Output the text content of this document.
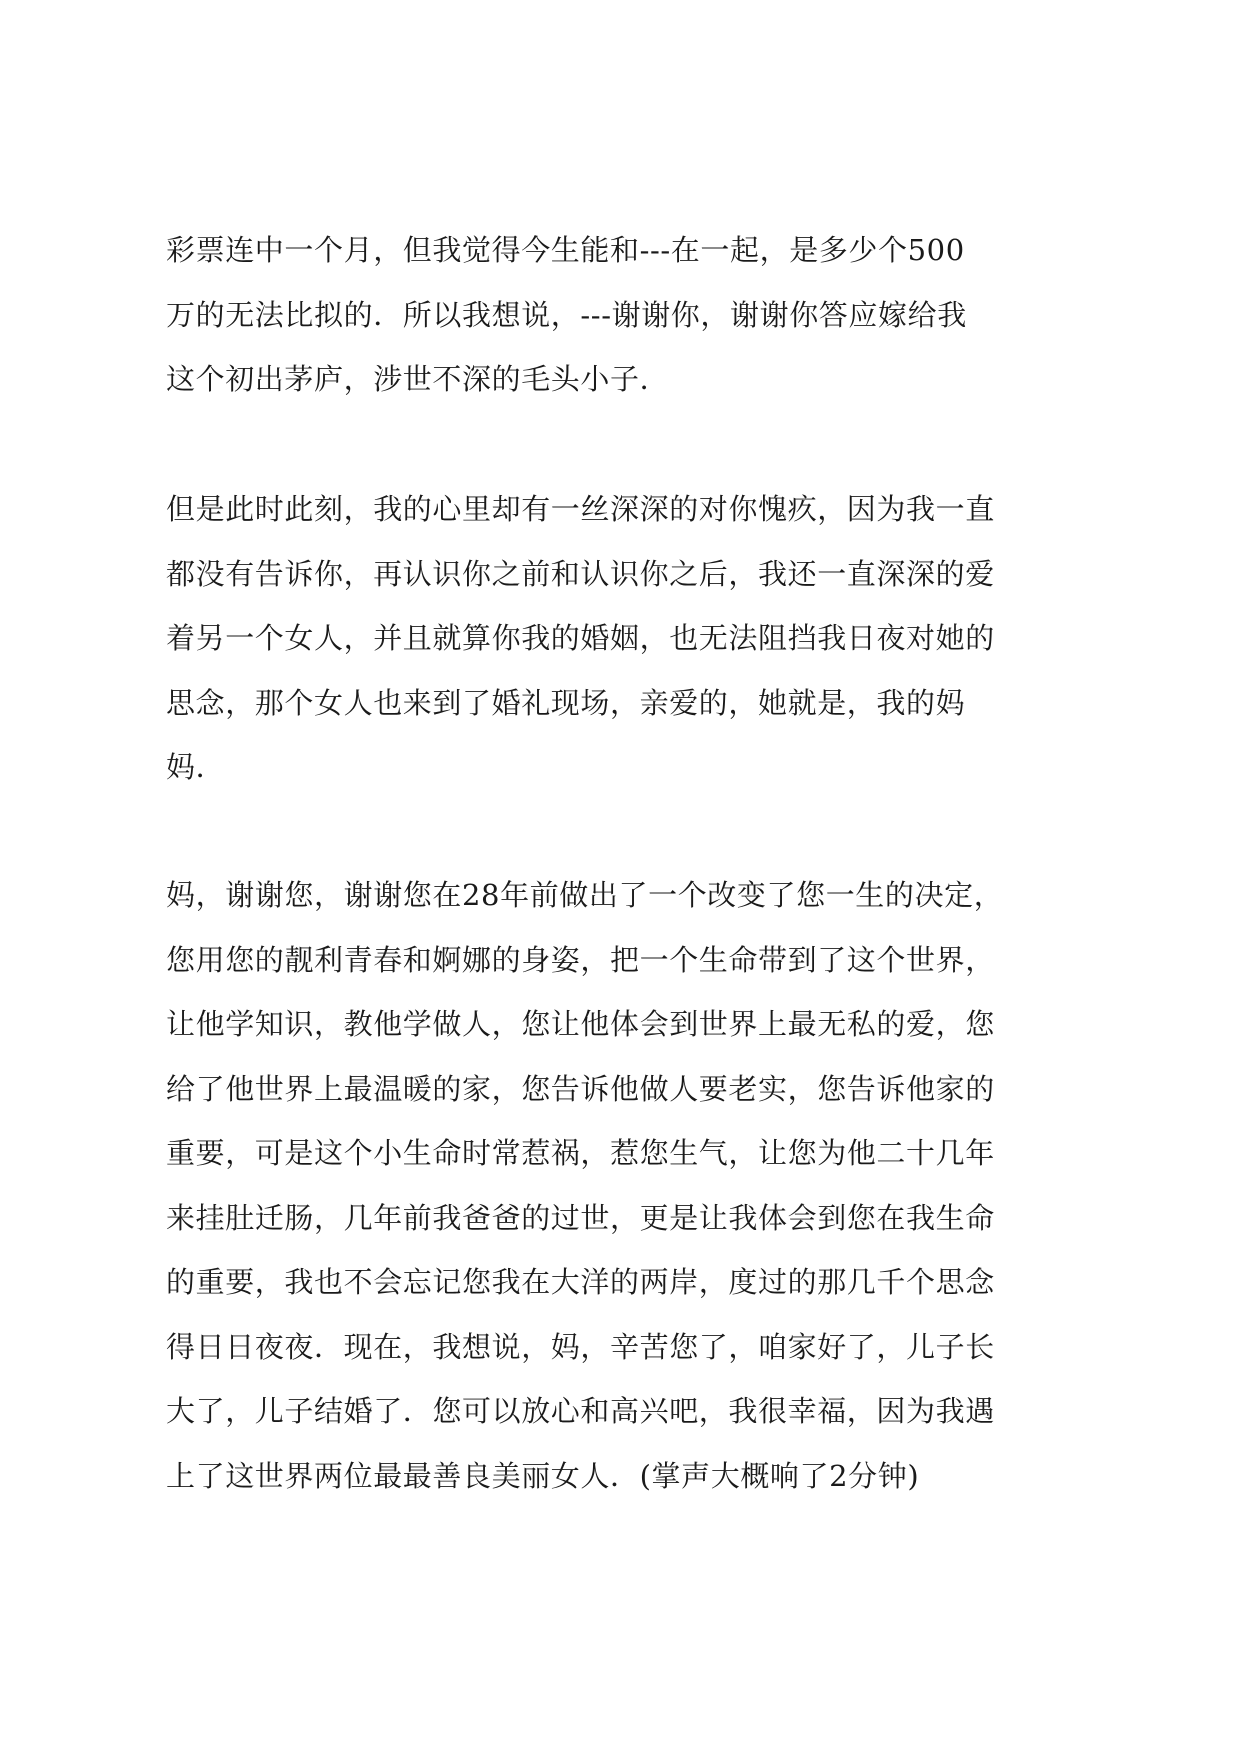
彩票连中一个月，但我觉得今生能和---在一起，是多少个500
万的无法比拟的．所以我想说，---谢谢你，谢谢你答应嫁给我
这个初出茅庐，涉世不深的毛头小子．

但是此时此刻，我的心里却有一丝深深的对你愧疚，因为我一直
都没有告诉你，再认识你之前和认识你之后，我还一直深深的爱
着另一个女人，并且就算你我的婚姻，也无法阻挡我日夜对她的
思念，那个女人也来到了婚礼现场，亲爱的，她就是，我的妈
妈．

妈，谢谢您，谢谢您在28年前做出了一个改变了您一生的决定，
您用您的靓利青春和婀娜的身姿，把一个生命带到了这个世界，
让他学知识，教他学做人，您让他体会到世界上最无私的爱，您
给了他世界上最温暖的家，您告诉他做人要老实，您告诉他家的
重要，可是这个小生命时常惹祸，惹您生气，让您为他二十几年
来挂肚迁肠，几年前我爸爸的过世，更是让我体会到您在我生命
的重要，我也不会忘记您我在大洋的两岸，度过的那几千个思念
得日日夜夜．现在，我想说，妈，辛苦您了，咱家好了，儿子长
大了，儿子结婚了．您可以放心和高兴吧，我很幸福，因为我遇
上了这世界两位最最善良美丽女人．(掌声大概响了2分钟)
